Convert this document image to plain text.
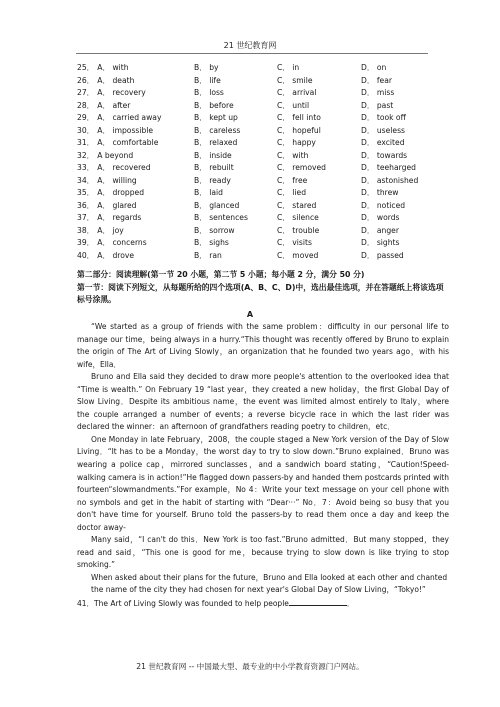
21 世纪教育网
25． A． with	B． by	C． in	D． on
26． A． death	B． life	C． smile	D． fear
27． A． recovery	B． loss	C． arrival	D． miss
28． A． after	B． before	C． until	D． past
29． A． carried away	B． kept up	C． fell into	D． took off
30． A． impossible	B． careless	C． hopeful	D． useless
31． A． comfortable	B． relaxed	C． happy	D． excited
32． A beyond	B． inside	C． with	D． towards
33． A． recovered	B． rebuilt	C． removed	D． teeharged
34． A． willing	B． ready	C． free	D． astonished
35． A． dropped	B． laid	C． lied	D． threw
36． A． glared	B． glanced	C． stared	D． noticed
37． A． regards	B． sentences	C． silence	D． words
38． A． joy	B． sorrow	C． trouble	D． anger
39． A． concerns	B． sighs	C． visits	D． sights
40． A． drove	B． ran	C． moved	D． passed
第二部分：阅读理解(第一节 20 小题，第二节 5 小题；每小题 2 分，满分 50 分)
第一节：阅读下列短文，从每题所给的四个选项(A、B、C、D)中，选出最佳选项，并在答题纸上将该选项标号涂黑。
A

“We started as a group of friends with the same problem：difficulty in our personal life to manage our time，being always in a hurry.“This thought was recently offered by Bruno to explain the origin of The Art of Living Slowly，an organization that he founded two years ago，with his wife，Ella．

Bruno and Ella said they decided to draw more people's attention to the overlooked idea that “Time is wealth.” On February 19 “last year，they created a new holiday，the first Global Day of Slow Living．Despite its ambitious name，the event was limited almost entirely to Italy，where the couple arranged a number of events；a reverse bicycle race in which the last rider was declared the winner：an afternoon of grandfathers reading poetry to children，etc．

One Monday in late February，2008，the couple staged a New York version of the Day of Slow Living．“It has to be a Monday，the worst day to try to slow down.”Bruno explained．Bruno was wearing a police cap，mirrored sunclasses，and a sandwich board stating，“Caution!Speed-walking camera is in action!”He flagged down passers-by and handed them postcards printed with fourteen“slowmandments.”For example，No 4：Write your text message on your cell phone with no symbols and get in the habit of starting with “Dear···” No．7：Avoid being so busy that you don't have time for yourself. Bruno told the passers-by to read them once a day and keep the doctor away-

Many said，“I can't do this．New York is too fast.”Bruno admitted．But many stopped，they read and said，“This one is good for me，because trying to slow down is like trying to stop smoking.”

When asked about their plans for the future，Bruno and Ella looked at each other and chanted

the name of the city they had chosen for next year's Global Day of Slow Living，“Tokyo!”

41．The Art of Living Slowly was founded to help people	．

21 世纪教育网 -- 中国最大型、最专业的中小学教育资源门户网站。
